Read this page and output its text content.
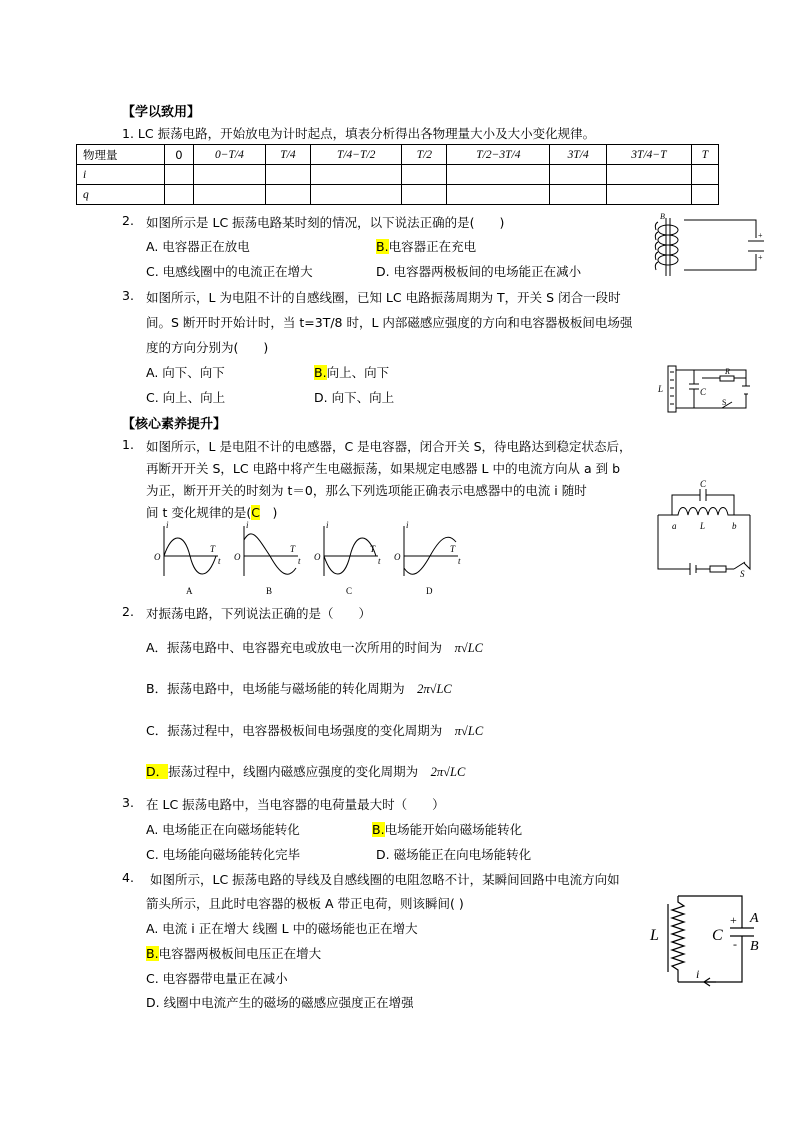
【学以致用】
1. LC 振荡电路，开始放电为计时起点，填表分析得出各物理量大小及大小变化规律。
物理量	0	0−T/4	T/4	T/4−T/2	T/2	T/2−3T/4	3T/4	3T/4−T	T
i									
q									
2. 如图所示是 LC 振荡电路某时刻的情况，以下说法正确的是(　　)
A. 电容器正在放电	B.电容器正在充电
C. 电感线圈中的电流正在增大	D. 电容器两极板间的电场能正在减小
B
+
+
3. 如图所示，L 为电阻不计的自感线圈，已知 LC 电路振荡周期为 T，开关 S 闭合一段时
间。S 断开时开始计时，当 t=3T/8 时，L 内部磁感应强度的方向和电容器极板间电场强
度的方向分别为(　　)
A. 向下、向下	B.向上、向下
C. 向上、向上	D. 向下、向上
L	C
R
S
【核心素养提升】
1. 如图所示，L 是电阻不计的电感器，C 是电容器，闭合开关 S，待电路达到稳定状态后，
再断开开关 S，LC 电路中将产生电磁振荡，如果规定电感器 L 中的电流方向从 a 到 b
为正，断开开关的时刻为 t＝0，那么下列选项能正确表示电感器中的电流 i 随时
间 t 变化规律的是(C　 )
i
O
T
t
i
O
T
t
i
O
T
t
i
O
T
t
A	B	C	D
C
a	L	b
S
2. 对振荡电路，下列说法正确的是（　　）
A．振荡电路中、电容器充电或放电一次所用的时间为　 π√LC
B．振荡电路中，电场能与磁场能的转化周期为　 2π√LC
C．振荡过程中，电容器极板间电场强度的变化周期为　 π√LC
D．振荡过程中，线圈内磁感应强度的变化周期为　 2π√LC
3. 在 LC 振荡电路中，当电容器的电荷量最大时（　　）
A. 电场能正在向磁场能转化	B.电场能开始向磁场能转化
C. 电场能向磁场能转化完毕	D. 磁场能正在向电场能转化
4. 如图所示，LC 振荡电路的导线及自感线圈的电阻忽略不计，某瞬间回路中电流方向如
箭头所示，且此时电容器的极板 A 带正电荷，则该瞬间( )
A. 电流 i 正在增大 线圈 L 中的磁场能也正在增大
B.电容器两极板间电压正在增大
C. 电容器带电量正在减小
D. 线圈中电流产生的磁场的磁感应强度正在增强
L	C
A
B
i
+
-
